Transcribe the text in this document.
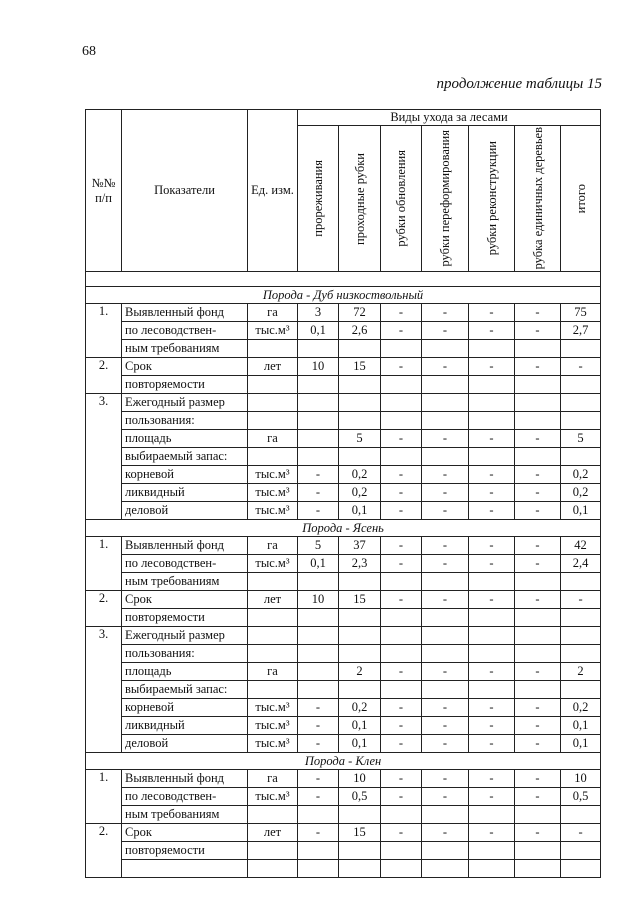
68
продолжение таблицы 15
№№ п/п	Показатели	Ед. изм.	Виды ухода за лесами						

			прореживания	проходные рубки	рубки обновления	рубки переформирования	рубки реконструкции	рубка единичных деревьев	итого

Порода - Дуб низкоствольный									
1.	Выявленный фонд	га	3	72	-	-	-	-	75
	по лесоводствен-	тыс.м³	0,1	2,6	-	-	-	-	2,7
	ным требованиям								
2.	Срок	лет	10	15	-	-	-	-	-
	повторяемости								
3.	Ежегодный размер								
	пользования:								
	площадь	га		5	-	-	-	-	5
	выбираемый запас:								
	корневой	тыс.м³	-	0,2	-	-	-	-	0,2
	ликвидный	тыс.м³	-	0,2	-	-	-	-	0,2
	деловой	тыс.м³	-	0,1	-	-	-	-	0,1
Порода - Ясень									
1.	Выявленный фонд	га	5	37	-	-	-	-	42
	по лесоводствен-	тыс.м³	0,1	2,3	-	-	-	-	2,4
	ным требованиям								
2.	Срок	лет	10	15	-	-	-	-	-
	повторяемости								
3.	Ежегодный размер								
	пользования:								
	площадь	га		2	-	-	-	-	2
	выбираемый запас:								
	корневой	тыс.м³	-	0,2	-	-	-	-	0,2
	ликвидный	тыс.м³	-	0,1	-	-	-	-	0,1
	деловой	тыс.м³	-	0,1	-	-	-	-	0,1
Порода - Клен									
1.	Выявленный фонд	га	-	10	-	-	-	-	10
	по лесоводствен-	тыс.м³	-	0,5	-	-	-	-	0,5
	ным требованиям								
2.	Срок	лет	-	15	-	-	-	-	-
	повторяемости								
